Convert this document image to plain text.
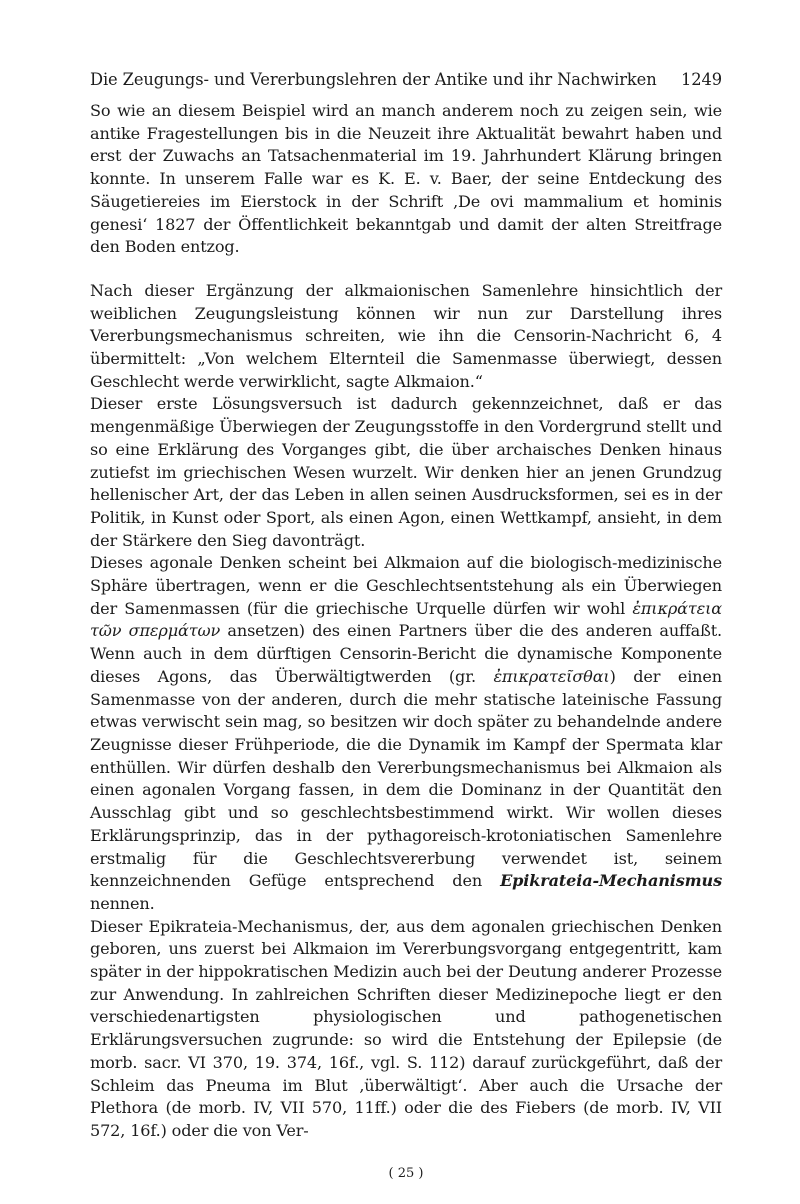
Die Zeugungs- und Vererbungslehren der Antike und ihr Nachwirken 1249

So wie an diesem Beispiel wird an manch anderem noch zu zeigen sein, wie antike Fragestellungen bis in die Neuzeit ihre Aktualität bewahrt haben und erst der Zuwachs an Tatsachenmaterial im 19. Jahrhundert Klärung bringen konnte. In unserem Falle war es K. E. v. Baer, der seine Entdeckung des Säugetiereies im Eierstock in der Schrift ‚De ovi mammalium et hominis genesi‘ 1827 der Öffentlichkeit bekanntgab und damit der alten Streitfrage den Boden entzog.

Nach dieser Ergänzung der alkmaionischen Samenlehre hinsichtlich der weiblichen Zeugungsleistung können wir nun zur Darstellung ihres Vererbungsmechanismus schreiten, wie ihn die Censorin-Nachricht 6, 4 übermittelt: „Von welchem Elternteil die Samenmasse überwiegt, dessen Geschlecht werde verwirklicht, sagte Alkmaion.“

Dieser erste Lösungsversuch ist dadurch gekennzeichnet, daß er das mengenmäßige Überwiegen der Zeugungsstoffe in den Vordergrund stellt und so eine Erklärung des Vorganges gibt, die über archaisches Denken hinaus zutiefst im griechischen Wesen wurzelt. Wir denken hier an jenen Grundzug hellenischer Art, der das Leben in allen seinen Ausdrucksformen, sei es in der Politik, in Kunst oder Sport, als einen Agon, einen Wettkampf, ansieht, in dem der Stärkere den Sieg davonträgt.

Dieses agonale Denken scheint bei Alkmaion auf die biologisch-medizinische Sphäre übertragen, wenn er die Geschlechtsentstehung als ein Überwiegen der Samenmassen (für die griechische Urquelle dürfen wir wohl ἐπικράτεια τῶν σπερμάτων ansetzen) des einen Partners über die des anderen auffaßt. Wenn auch in dem dürftigen Censorin-Bericht die dynamische Komponente dieses Agons, das Überwältigtwerden (gr. ἐπικρατεῖσθαι) der einen Samenmasse von der anderen, durch die mehr statische lateinische Fassung etwas verwischt sein mag, so besitzen wir doch später zu behandelnde andere Zeugnisse dieser Frühperiode, die die Dynamik im Kampf der Spermata klar enthüllen. Wir dürfen deshalb den Vererbungsmechanismus bei Alkmaion als einen agonalen Vorgang fassen, in dem die Dominanz in der Quantität den Ausschlag gibt und so geschlechtsbestimmend wirkt. Wir wollen dieses Erklärungsprinzip, das in der pythagoreisch-krotoniatischen Samenlehre erstmalig für die Geschlechtsvererbung verwendet ist, seinem kennzeichnenden Gefüge entsprechend den Epikrateia-Mechanismus nennen.

Dieser Epikrateia-Mechanismus, der, aus dem agonalen griechischen Denken geboren, uns zuerst bei Alkmaion im Vererbungsvorgang entgegentritt, kam später in der hippokratischen Medizin auch bei der Deutung anderer Prozesse zur Anwendung. In zahlreichen Schriften dieser Medizinepoche liegt er den verschiedenartigsten physiologischen und pathogenetischen Erklärungsversuchen zugrunde: so wird die Entstehung der Epilepsie (de morb. sacr. VI 370, 19. 374, 16f., vgl. S. 112) darauf zurückgeführt, daß der Schleim das Pneuma im Blut ‚überwältigt‘. Aber auch die Ursache der Plethora (de morb. IV, VII 570, 11ff.) oder die des Fiebers (de morb. IV, VII 572, 16f.) oder die von Ver-

( 25 )
